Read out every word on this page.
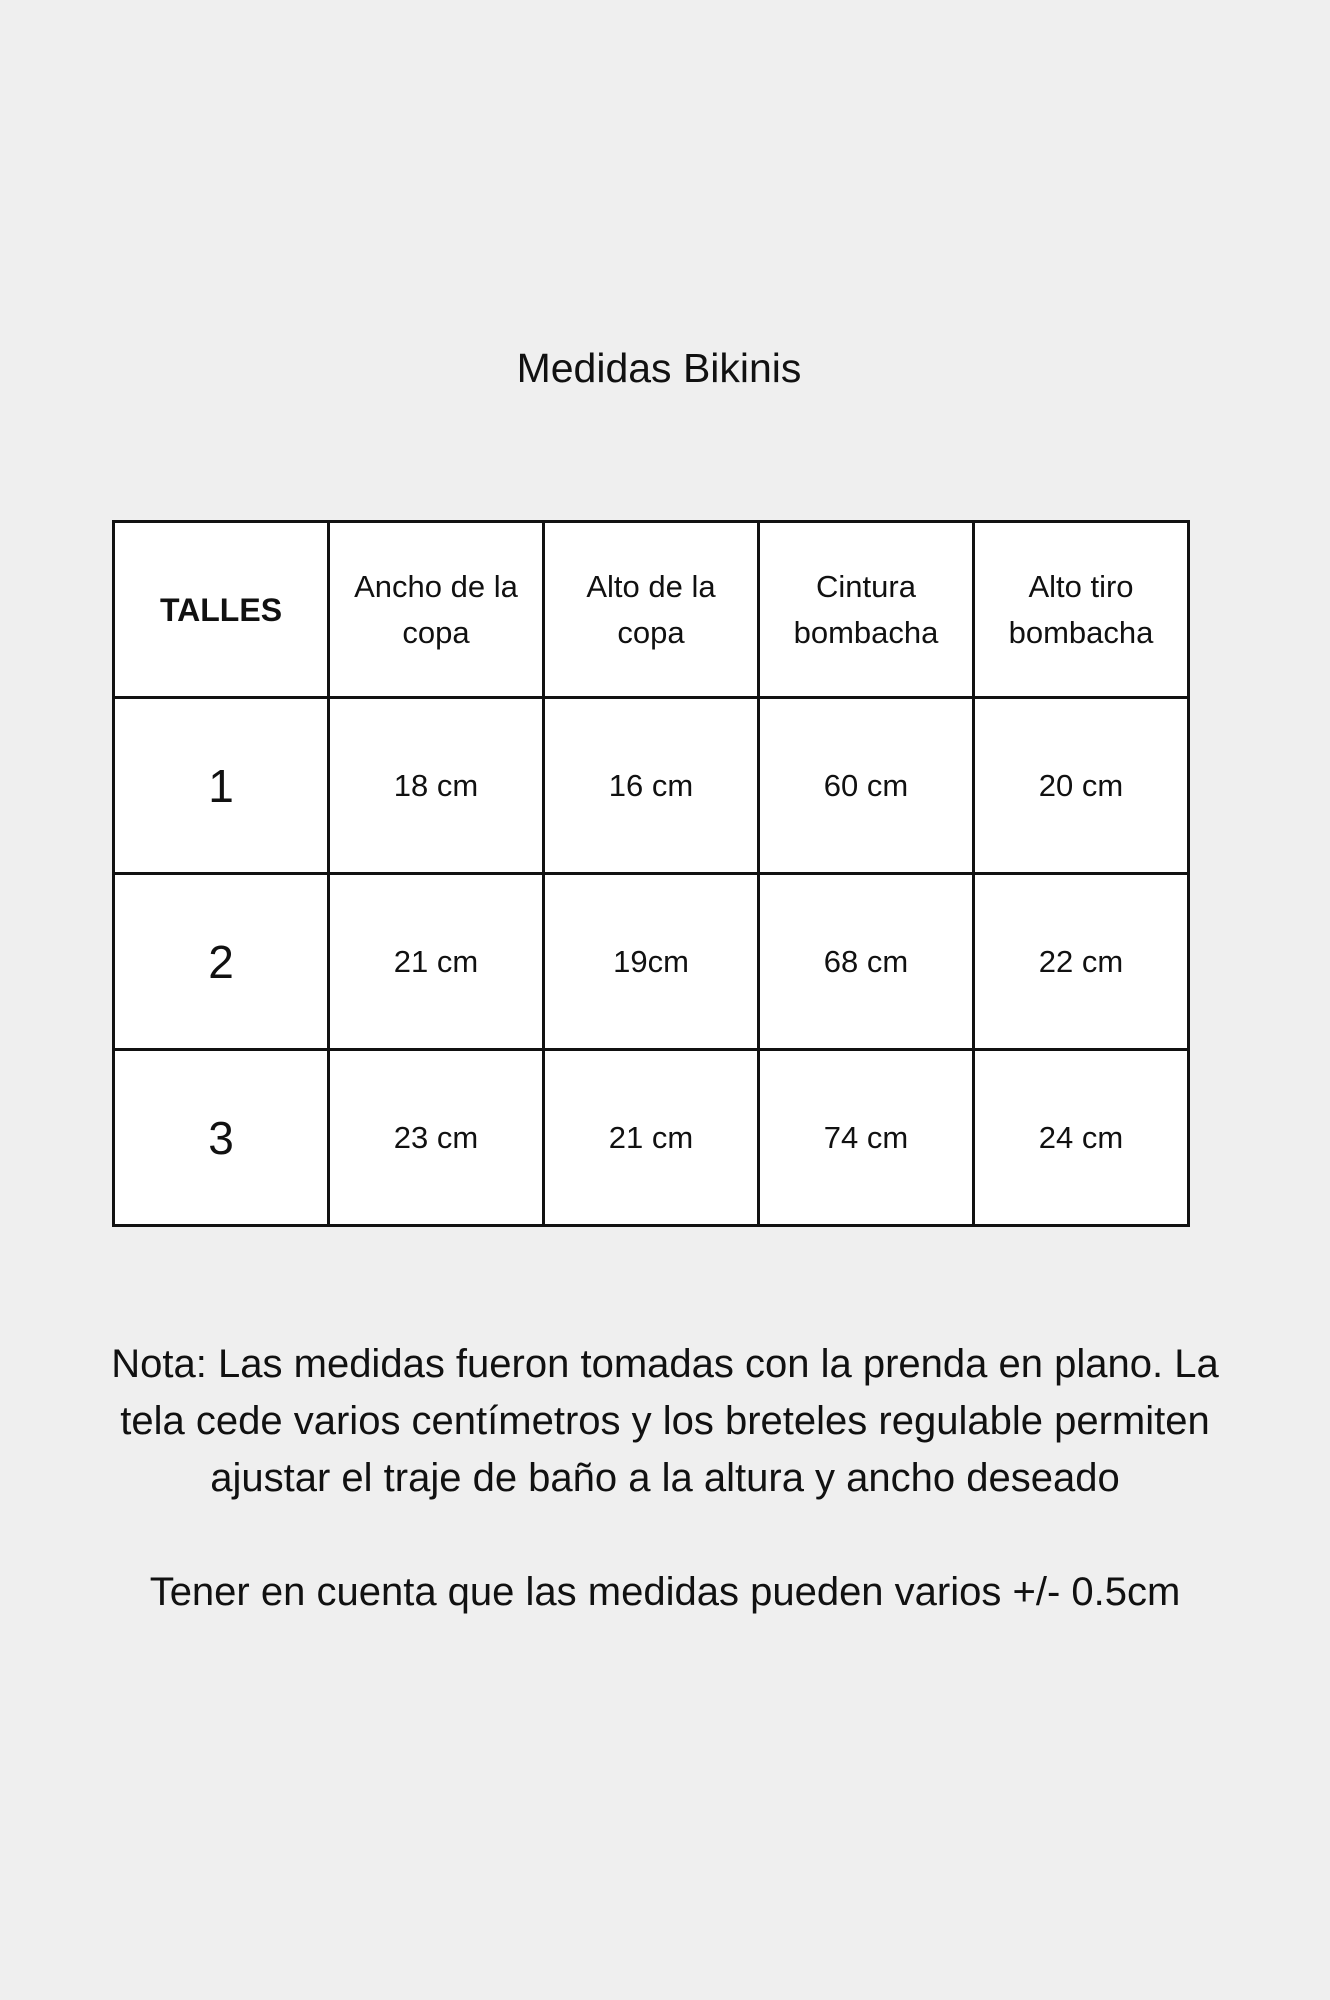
Medidas Bikinis
TALLES	Ancho de la copa	Alto de la copa	Cintura bombacha	Alto tiro bombacha
1	18 cm	16 cm	60 cm	20 cm
2	21 cm	19cm	68 cm	22 cm
3	23 cm	21 cm	74 cm	24 cm

Nota: Las medidas fueron tomadas con la prenda en plano. La tela cede varios centímetros y los breteles regulable permiten ajustar el traje de baño a la altura y ancho deseado

Tener en cuenta que las medidas pueden varios +/- 0.5cm
